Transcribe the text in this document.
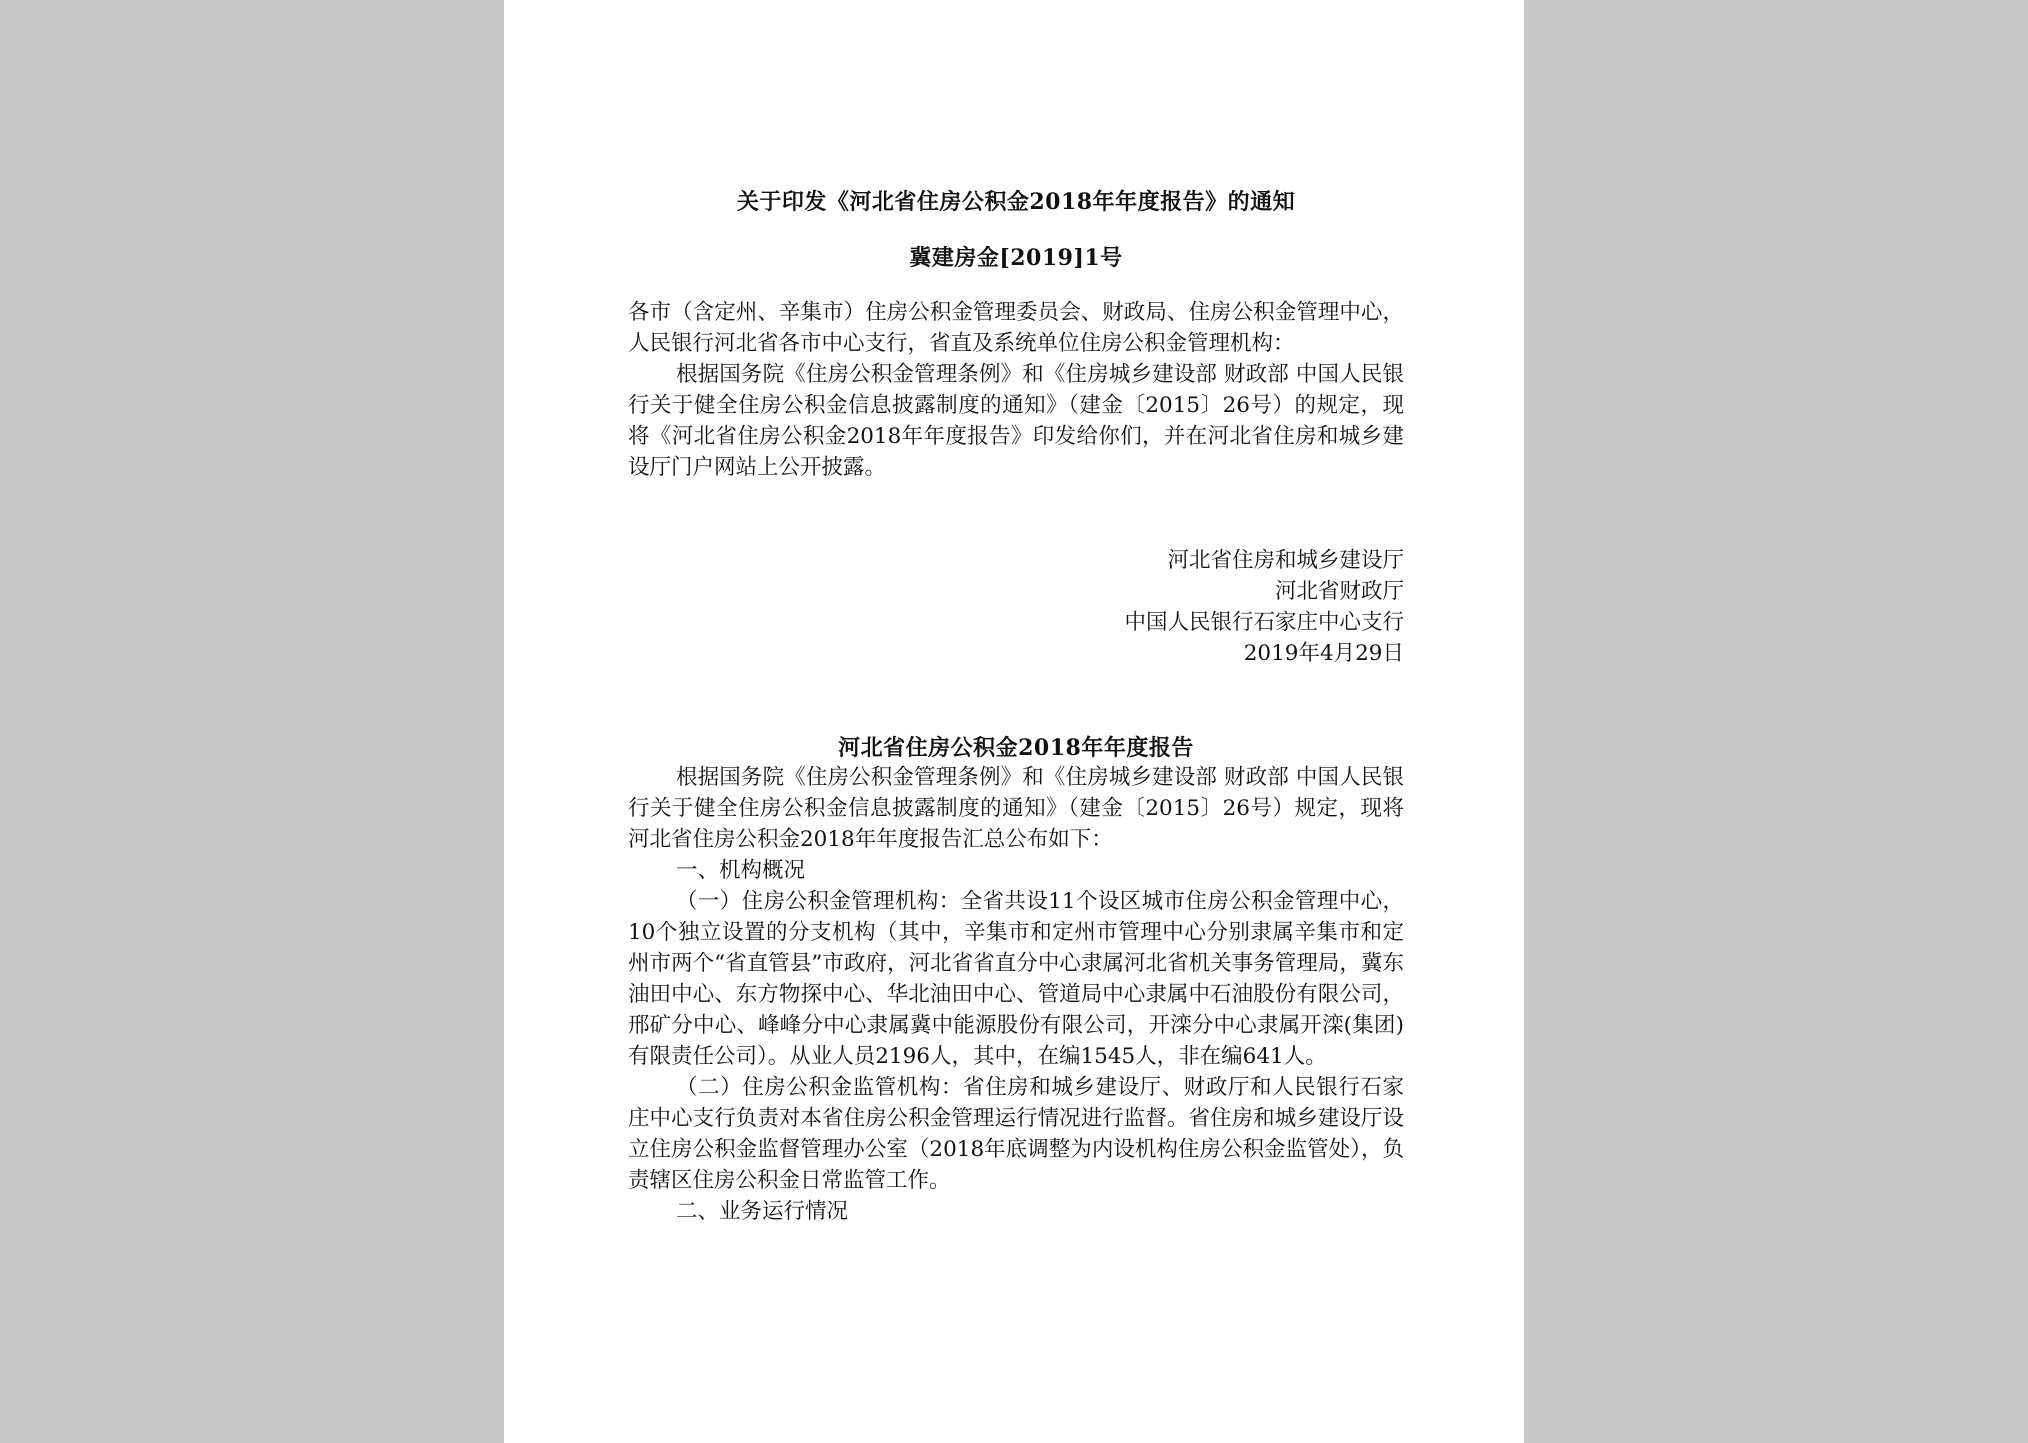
关于印发《河北省住房公积金2018年年度报告》的通知
冀建房金[2019]1号

各市（含定州、辛集市）住房公积金管理委员会、财政局、住房公积金管理中心，人民银行河北省各市中心支行，省直及系统单位住房公积金管理机构：

根据国务院《住房公积金管理条例》和《住房城乡建设部 财政部 中国人民银行关于健全住房公积金信息披露制度的通知》（建金〔2015〕26号）的规定，现将《河北省住房公积金2018年年度报告》印发给你们，并在河北省住房和城乡建设厅门户网站上公开披露。

河北省住房和城乡建设厅
河北省财政厅
中国人民银行石家庄中心支行
2019年4月29日
河北省住房公积金2018年年度报告

根据国务院《住房公积金管理条例》和《住房城乡建设部 财政部 中国人民银行关于健全住房公积金信息披露制度的通知》（建金〔2015〕26号）规定，现将河北省住房公积金2018年年度报告汇总公布如下：

一、机构概况

（一）住房公积金管理机构：全省共设11个设区城市住房公积金管理中心，10个独立设置的分支机构（其中，辛集市和定州市管理中心分别隶属辛集市和定州市两个“省直管县”市政府，河北省省直分中心隶属河北省机关事务管理局，冀东油田中心、东方物探中心、华北油田中心、管道局中心隶属中石油股份有限公司，邢矿分中心、峰峰分中心隶属冀中能源股份有限公司，开滦分中心隶属开滦(集团)有限责任公司）。从业人员2196人，其中，在编1545人，非在编641人。

（二）住房公积金监管机构：省住房和城乡建设厅、财政厅和人民银行石家庄中心支行负责对本省住房公积金管理运行情况进行监督。省住房和城乡建设厅设立住房公积金监督管理办公室（2018年底调整为内设机构住房公积金监管处），负责辖区住房公积金日常监管工作。

二、业务运行情况
